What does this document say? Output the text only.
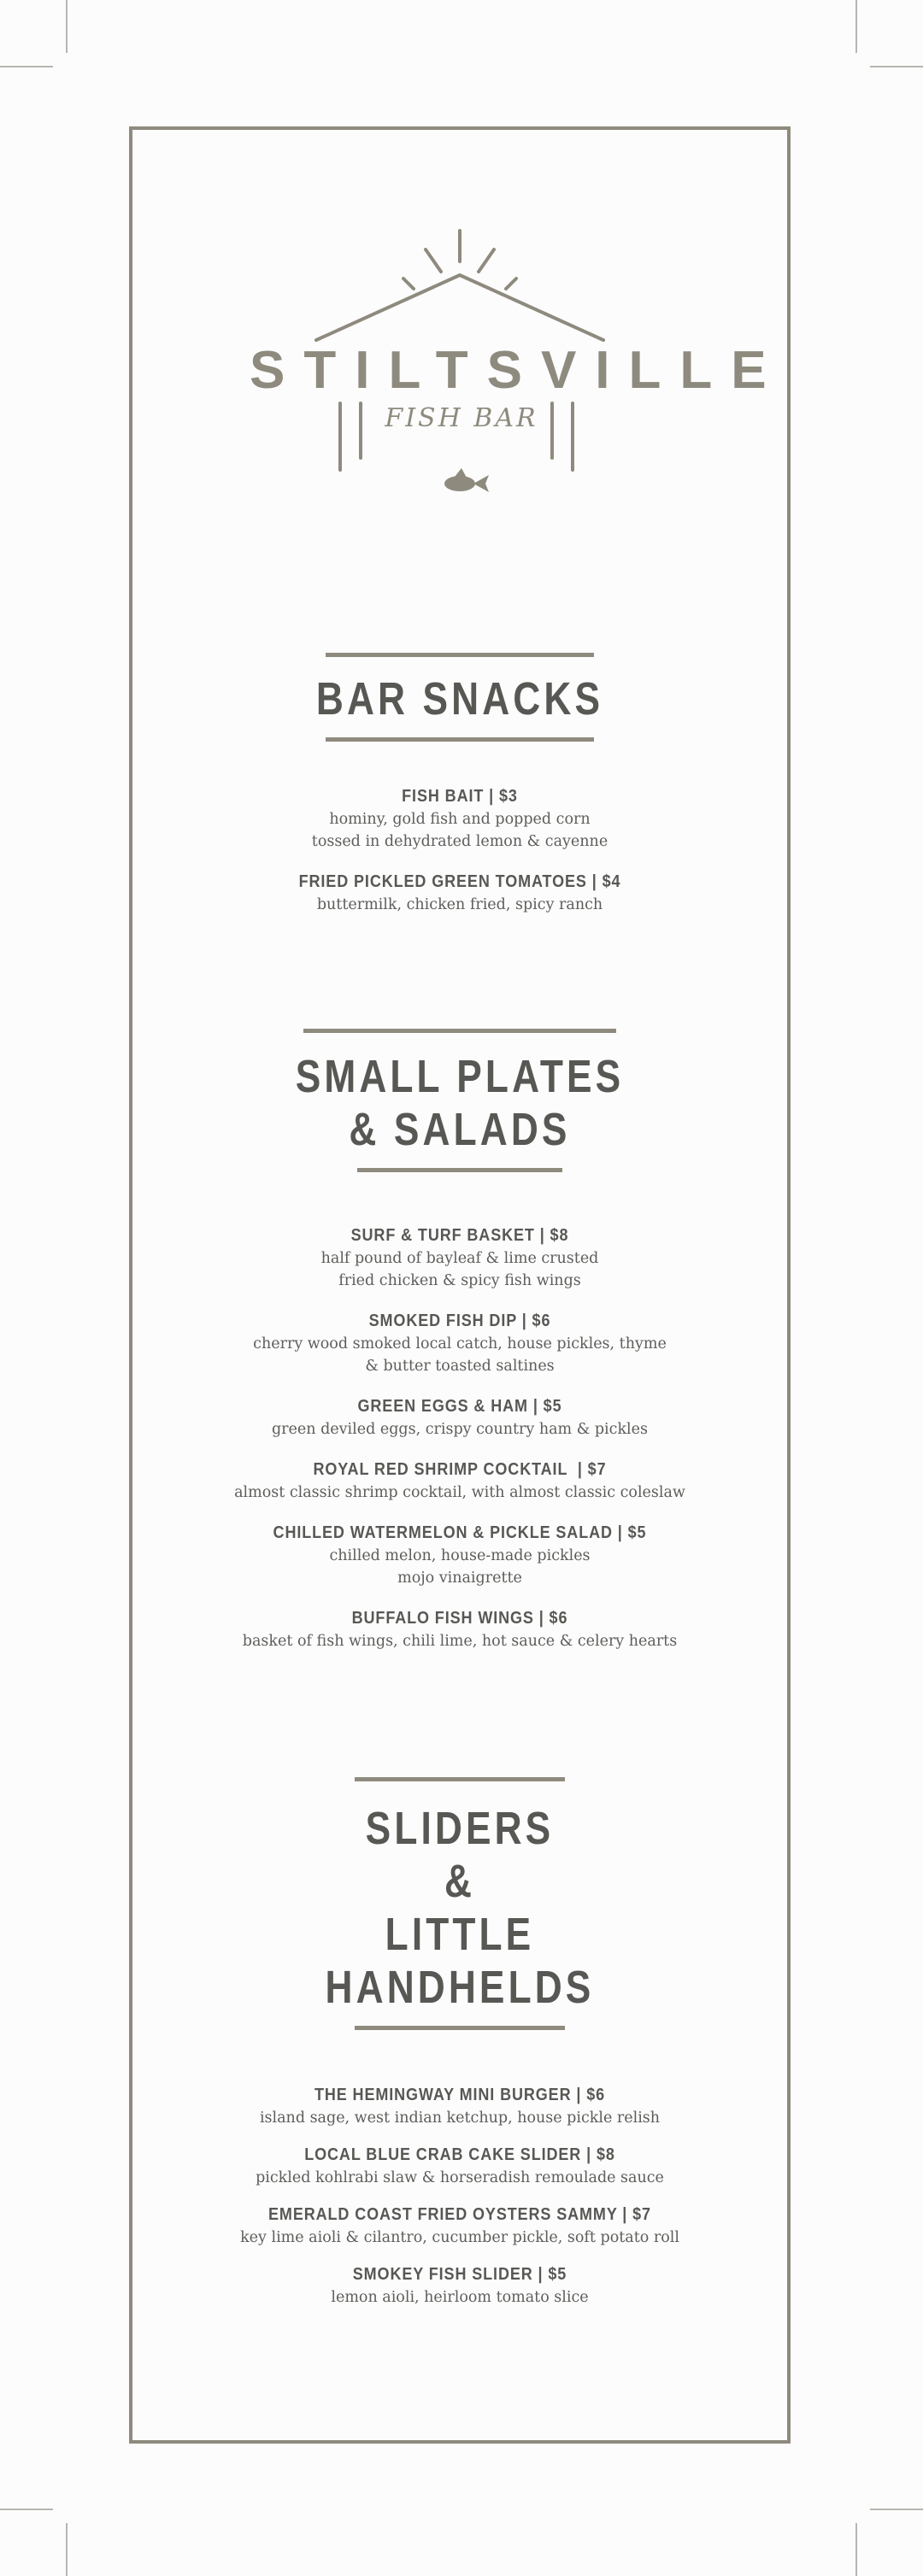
STILTSVILLE
FISH BAR
BAR SNACKS
FISH BAIT | $3
hominy, gold fish and popped corn
tossed in dehydrated lemon & cayenne
FRIED PICKLED GREEN TOMATOES | $4
buttermilk, chicken fried, spicy ranch
SMALL PLATES
& SALADS
SURF & TURF BASKET | $8
half pound of bayleaf & lime crusted
fried chicken & spicy fish wings
SMOKED FISH DIP | $6
cherry wood smoked local catch, house pickles, thyme
& butter toasted saltines
GREEN EGGS & HAM | $5
green deviled eggs, crispy country ham & pickles
ROYAL RED SHRIMP COCKTAIL  | $7
almost classic shrimp cocktail, with almost classic coleslaw
CHILLED WATERMELON & PICKLE SALAD | $5
chilled melon, house-made pickles
mojo vinaigrette
BUFFALO FISH WINGS | $6
basket of fish wings, chili lime, hot sauce & celery hearts
SLIDERS
&
LITTLE
HANDHELDS
THE HEMINGWAY MINI BURGER | $6
island sage, west indian ketchup, house pickle relish
LOCAL BLUE CRAB CAKE SLIDER | $8
pickled kohlrabi slaw & horseradish remoulade sauce
EMERALD COAST FRIED OYSTERS SAMMY | $7
key lime aioli & cilantro, cucumber pickle, soft potato roll
SMOKEY FISH SLIDER | $5
lemon aioli, heirloom tomato slice
